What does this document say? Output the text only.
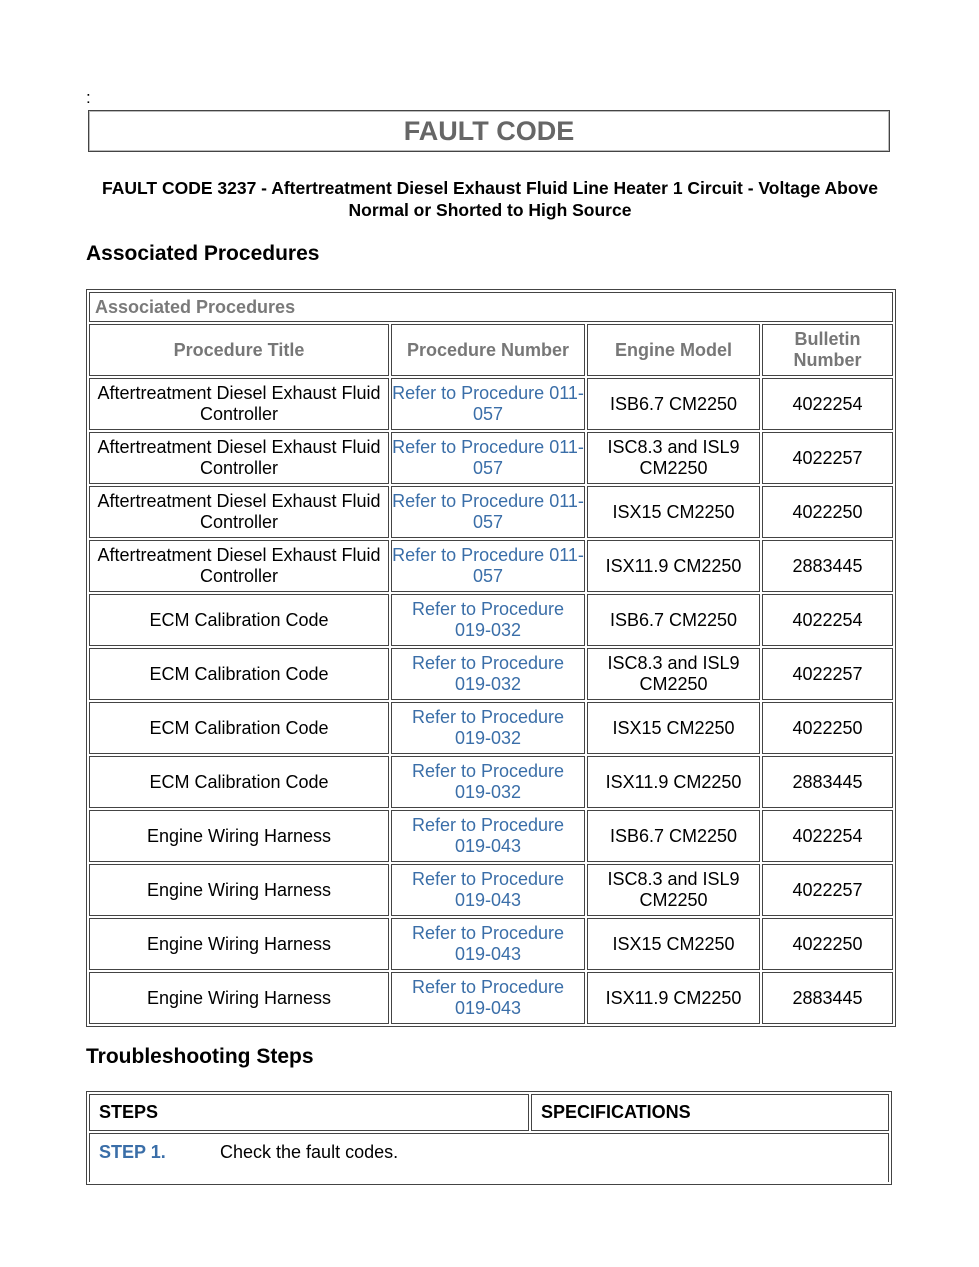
:
FAULT CODE
FAULT CODE 3237 - Aftertreatment Diesel Exhaust Fluid Line Heater 1 Circuit - Voltage Above Normal or Shorted to High Source
Associated Procedures
Associated Procedures			
Procedure Title	Procedure Number	Engine Model	Bulletin Number
Aftertreatment Diesel Exhaust Fluid Controller	Refer to Procedure 011-057	ISB6.7 CM2250	4022254
Aftertreatment Diesel Exhaust Fluid Controller	Refer to Procedure 011-057	ISC8.3 and ISL9 CM2250	4022257
Aftertreatment Diesel Exhaust Fluid Controller	Refer to Procedure 011-057	ISX15 CM2250	4022250
Aftertreatment Diesel Exhaust Fluid Controller	Refer to Procedure 011-057	ISX11.9 CM2250	2883445
ECM Calibration Code	Refer to Procedure 019-032	ISB6.7 CM2250	4022254
ECM Calibration Code	Refer to Procedure 019-032	ISC8.3 and ISL9 CM2250	4022257
ECM Calibration Code	Refer to Procedure 019-032	ISX15 CM2250	4022250
ECM Calibration Code	Refer to Procedure 019-032	ISX11.9 CM2250	2883445
Engine Wiring Harness	Refer to Procedure 019-043	ISB6.7 CM2250	4022254
Engine Wiring Harness	Refer to Procedure 019-043	ISC8.3 and ISL9 CM2250	4022257
Engine Wiring Harness	Refer to Procedure 019-043	ISX15 CM2250	4022250
Engine Wiring Harness	Refer to Procedure 019-043	ISX11.9 CM2250	2883445
Troubleshooting Steps
STEPS	SPECIFICATIONS
STEP 1.	Check the fault codes.
